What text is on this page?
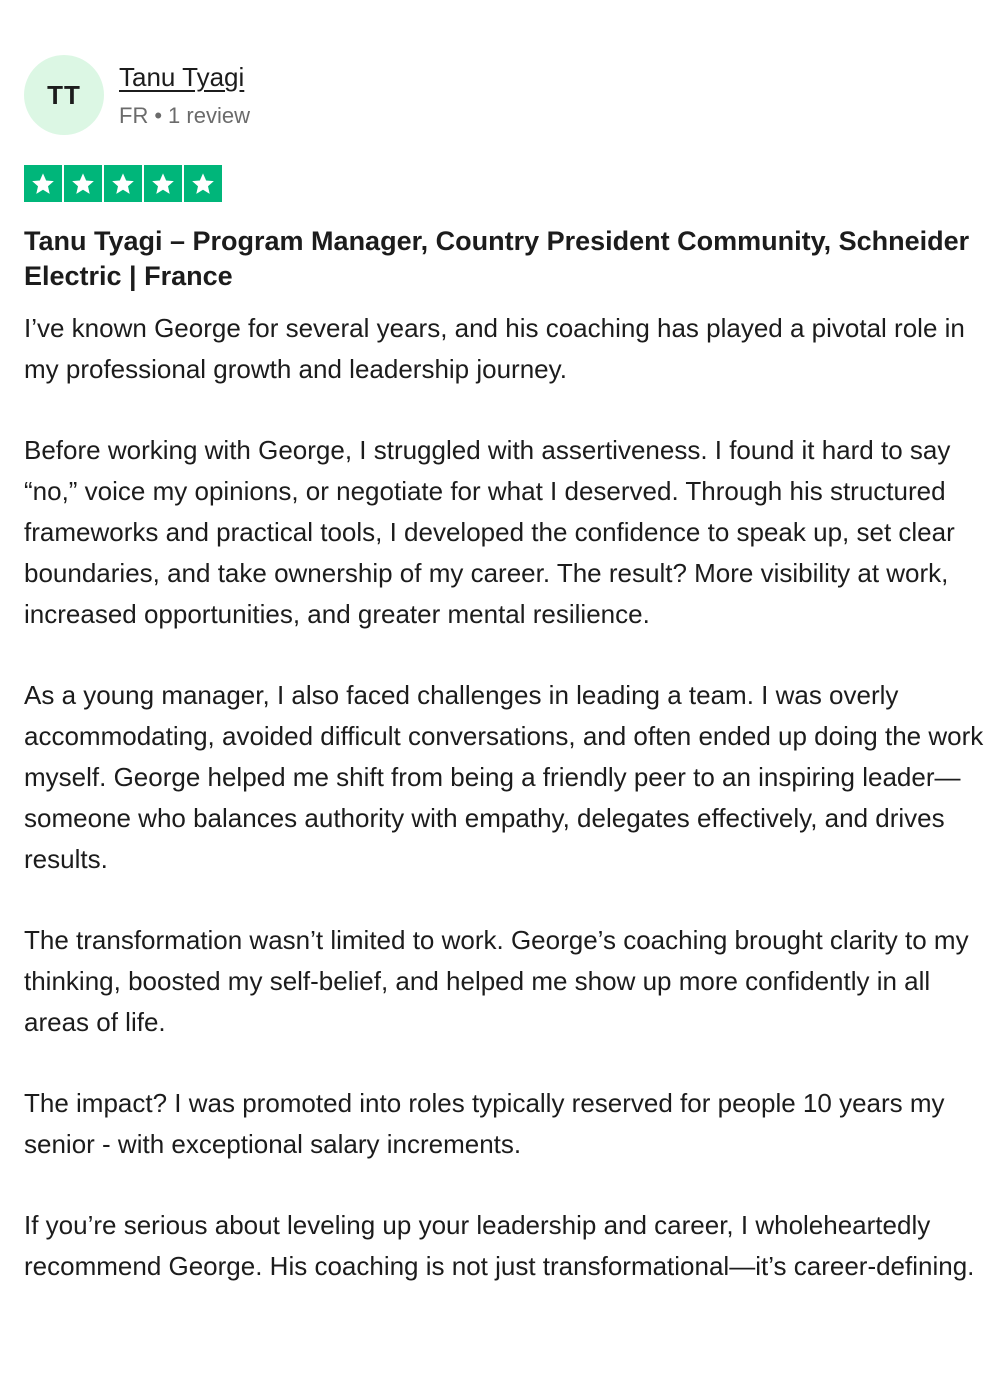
TT
Tanu Tyagi
FR • 1 review
Tanu Tyagi – Program Manager, Country President Community, Schneider Electric | France

I’ve known George for several years, and his coaching has played a pivotal role in my professional growth and leadership journey.

Before working with George, I struggled with assertiveness. I found it hard to say “no,” voice my opinions, or negotiate for what I deserved. Through his structured frameworks and practical tools, I developed the confidence to speak up, set clear boundaries, and take ownership of my career. The result? More visibility at work, increased opportunities, and greater mental resilience.

As a young manager, I also faced challenges in leading a team. I was overly accommodating, avoided difficult conversations, and often ended up doing the work myself. George helped me shift from being a friendly peer to an inspiring leader—someone who balances authority with empathy, delegates effectively, and drives results.

The transformation wasn’t limited to work. George’s coaching brought clarity to my thinking, boosted my self-belief, and helped me show up more confidently in all areas of life.

The impact? I was promoted into roles typically reserved for people 10 years my senior - with exceptional salary increments.

If you’re serious about leveling up your leadership and career, I wholeheartedly recommend George. His coaching is not just transformational—it’s career-defining.
